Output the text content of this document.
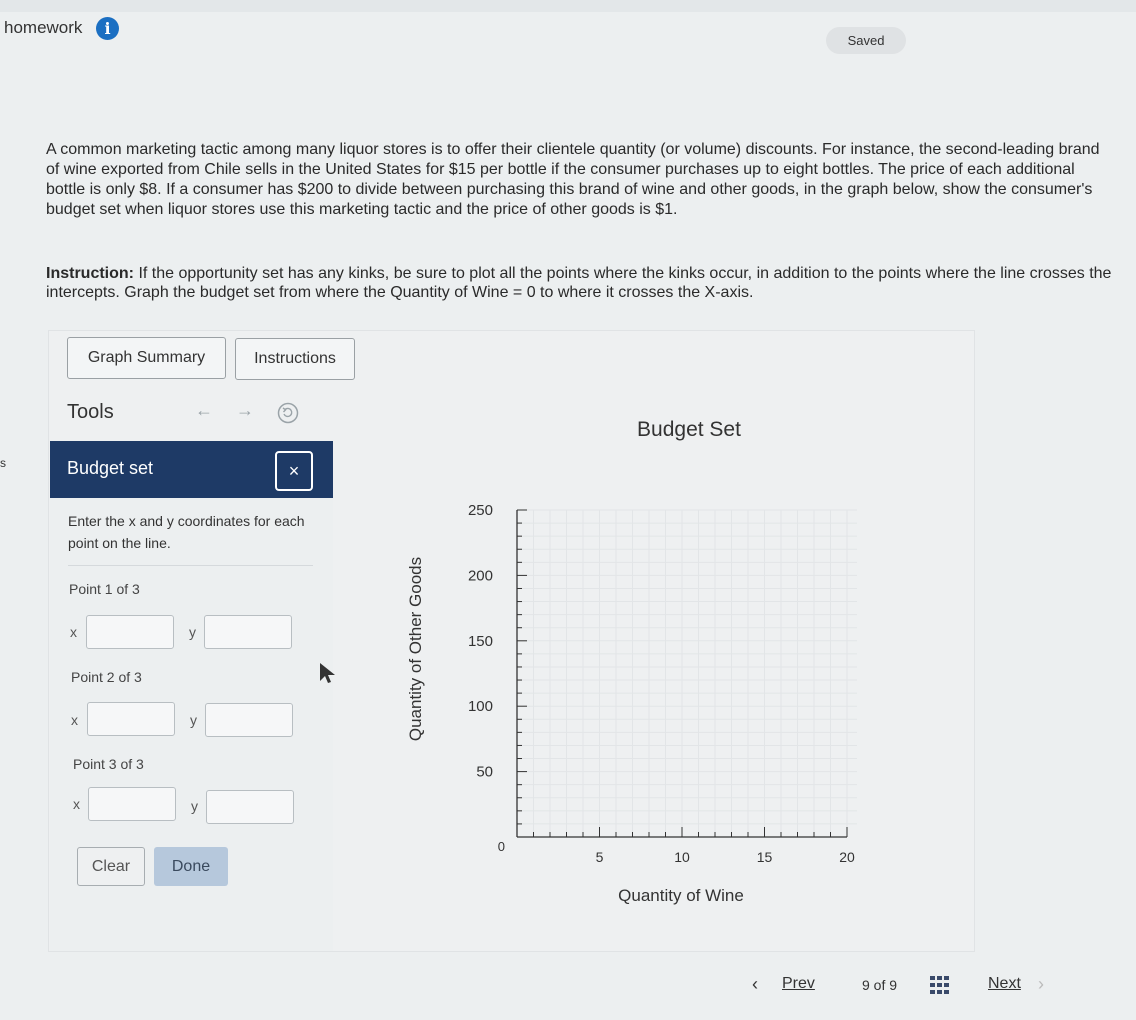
homework	i
Saved
s
A common marketing tactic among many liquor stores is to offer their clientele quantity (or volume) discounts. For instance, the second-leading brand of wine exported from Chile sells in the United States for $15 per bottle if the consumer purchases up to eight bottles. The price of each additional bottle is only $8. If a consumer has $200 to divide between purchasing this brand of wine and other goods, in the graph below, show the consumer's budget set when liquor stores use this marketing tactic and the price of other goods is $1.
Instruction: If the opportunity set has any kinks, be sure to plot all the points where the kinks occur, in addition to the points where the line crosses the intercepts. Graph the budget set from where the Quantity of Wine = 0 to where it crosses the X-axis.
Graph Summary	Instructions
Tools	← →
Budget set	×
Enter the x and y coordinates for each point on the line.
Point 1 of 3
x	y
Point 2 of 3
x	y
Point 3 of 3
x	y
Clear	Done
0
50
100
150
200
250
5	10	15	20
Budget Set
Quantity of Wine
Quantity of Other Goods
‹ Prev	9 of 9	Next ›
